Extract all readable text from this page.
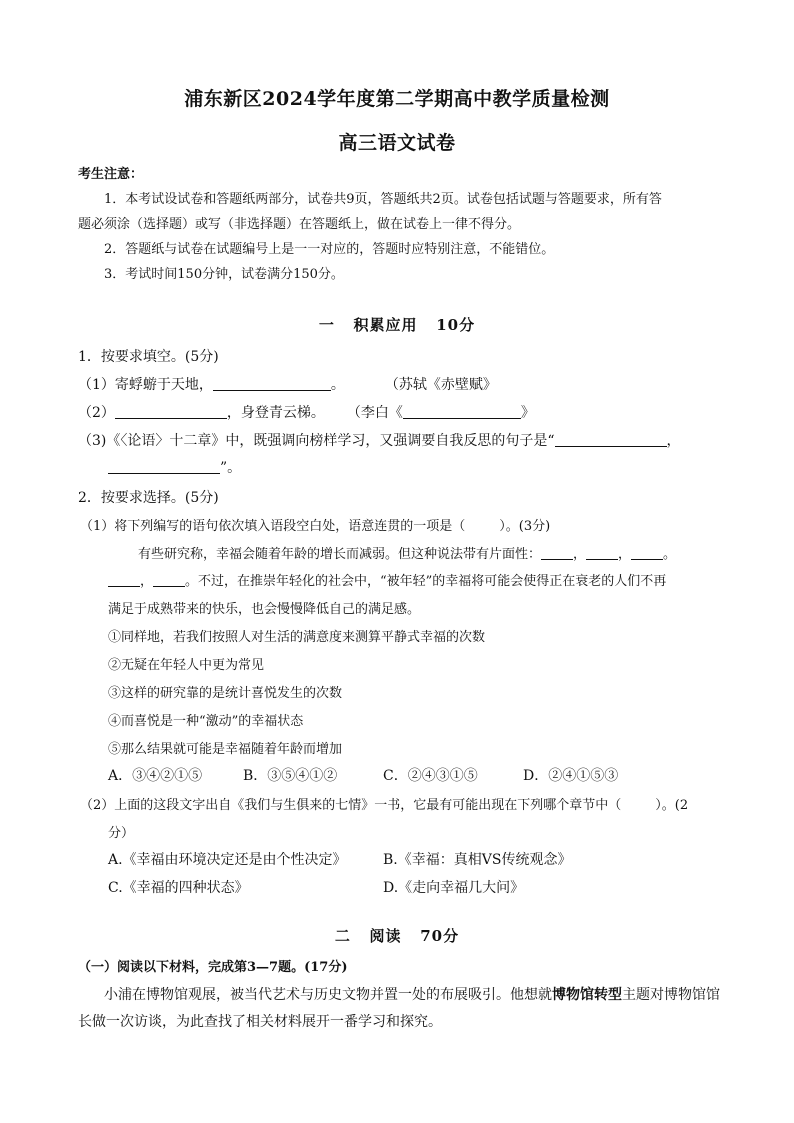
浦东新区2024学年度第二学期高中教学质量检测
高三语文试卷
考生注意：
1．本考试设试卷和答题纸两部分，试卷共9页，答题纸共2页。试卷包括试题与答题要求，所有答
题必须涂（选择题）或写（非选择题）在答题纸上，做在试卷上一律不得分。
2．答题纸与试卷在试题编号上是一一对应的，答题时应特别注意，不能错位。
3．考试时间150分钟，试卷满分150分。
一   积累应用   10分
1．按要求填空。(5分)
（1）寄蜉蝣于天地，	。	（苏轼《赤壁赋》
（2）	，身登青云梯。 （李白《	》
（3)《〈论语〉十二章》中，既强调向榜样学习，又强调要自我反思的句子是“	，
”。
2．按要求选择。(5分)
（1）将下列编写的语句依次填入语段空白处，语意连贯的一项是（	）。(3分)
有些研究称，幸福会随着年龄的增长而减弱。但这种说法带有片面性： ， ， 。
， 。不过，在推崇年轻化的社会中，“被年轻”的幸福将可能会使得正在衰老的人们不再
满足于成熟带来的快乐，也会慢慢降低自己的满足感。
①同样地，若我们按照人对生活的满意度来测算平静式幸福的次数
②无疑在年轻人中更为常见
③这样的研究靠的是统计喜悦发生的次数
④而喜悦是一种“激动”的幸福状态
⑤那么结果就可能是幸福随着年龄而增加
A．③④②①⑤	B．③⑤④①②	C．②④③①⑤	D．②④①⑤③
（2）上面的这段文字出自《我们与生俱来的七情》一书，它最有可能出现在下列哪个章节中（	）。(2
分）
A.《幸福由环境决定还是由个性决定》	B.《幸福：真相VS传统观念》
C.《幸福的四种状态》	D.《走向幸福几大问》
二   阅读   70分
（一）阅读以下材料，完成第3—7题。(17分)
小浦在博物馆观展，被当代艺术与历史文物并置一处的布展吸引。他想就博物馆转型主题对博物馆馆
长做一次访谈，为此查找了相关材料展开一番学习和探究。
